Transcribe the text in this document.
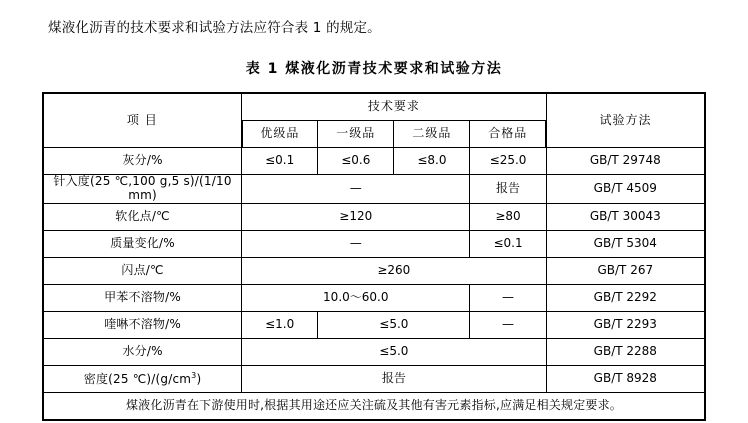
煤液化沥青的技术要求和试验方法应符合表 1 的规定。

表 1 煤液化沥青技术要求和试验方法
项 目	技术要求				试验方法
	优级品	一级品	二级品	合格品	
灰分/%	≤0.1	≤0.6	≤8.0	≤25.0	GB/T 29748
针入度(25 ℃,100 g,5 s)/(1/10 mm)	—			报告	GB/T 4509
软化点/℃	≥120			≥80	GB/T 30043
质量变化/%	—			≤0.1	GB/T 5304
闪点/℃	≥260				GB/T 267
甲苯不溶物/%	10.0～60.0			—	GB/T 2292
喹啉不溶物/%	≤1.0	≤5.0		—	GB/T 2293
水分/%	≤5.0				GB/T 2288
密度(25 $℃)/(g/cm^3)$	报告				GB/T 8928
煤液化沥青在下游使用时,根据其用途还应关注硫及其他有害元素指标,应满足相关规定要求。					
